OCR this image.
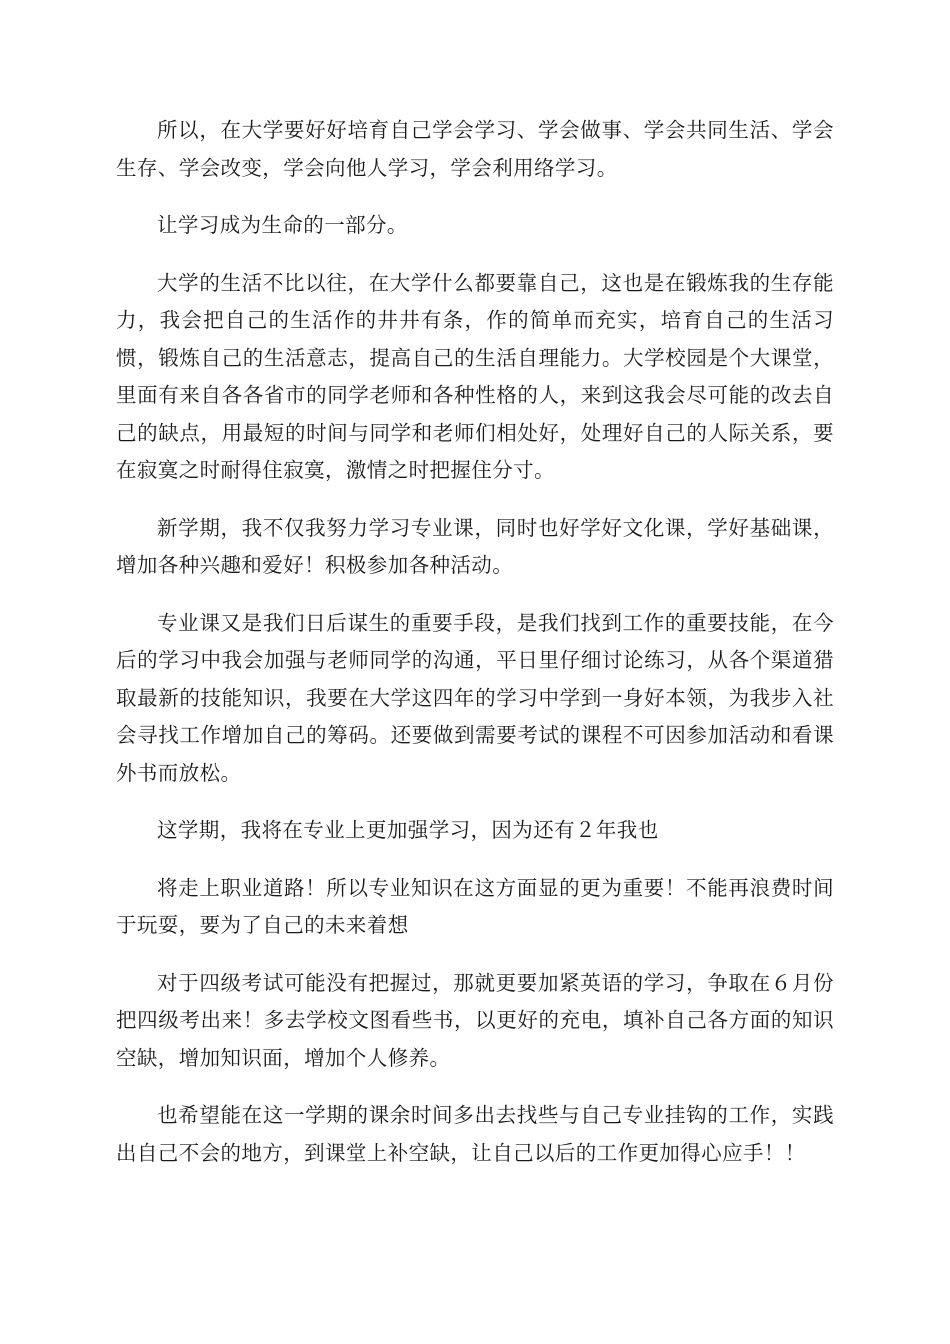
所以，在大学要好好培育自己学会学习、学会做事、学会共同生活、学会生存、学会改变，学会向他人学习，学会利用络学习。

让学习成为生命的一部分。

大学的生活不比以往，在大学什么都要靠自己，这也是在锻炼我的生存能力，我会把自己的生活作的井井有条，作的简单而充实，培育自己的生活习惯，锻炼自己的生活意志，提高自己的生活自理能力。大学校园是个大课堂，里面有来自各各省市的同学老师和各种性格的人，来到这我会尽可能的改去自己的缺点，用最短的时间与同学和老师们相处好，处理好自己的人际关系，要在寂寞之时耐得住寂寞，激情之时把握住分寸。

新学期，我不仅我努力学习专业课，同时也好学好文化课，学好基础课，增加各种兴趣和爱好！积极参加各种活动。

专业课又是我们日后谋生的重要手段，是我们找到工作的重要技能，在今后的学习中我会加强与老师同学的沟通，平日里仔细讨论练习，从各个渠道猎取最新的技能知识，我要在大学这四年的学习中学到一身好本领，为我步入社会寻找工作增加自己的筹码。还要做到需要考试的课程不可因参加活动和看课外书而放松。

这学期，我将在专业上更加强学习，因为还有２年我也

将走上职业道路！所以专业知识在这方面显的更为重要！不能再浪费时间于玩耍，要为了自己的未来着想

对于四级考试可能没有把握过，那就更要加紧英语的学习，争取在６月份把四级考出来！多去学校文图看些书，以更好的充电，填补自己各方面的知识空缺，增加知识面，增加个人修养。

也希望能在这一学期的课余时间多出去找些与自己专业挂钩的工作，实践出自己不会的地方，到课堂上补空缺，让自己以后的工作更加得心应手！！
